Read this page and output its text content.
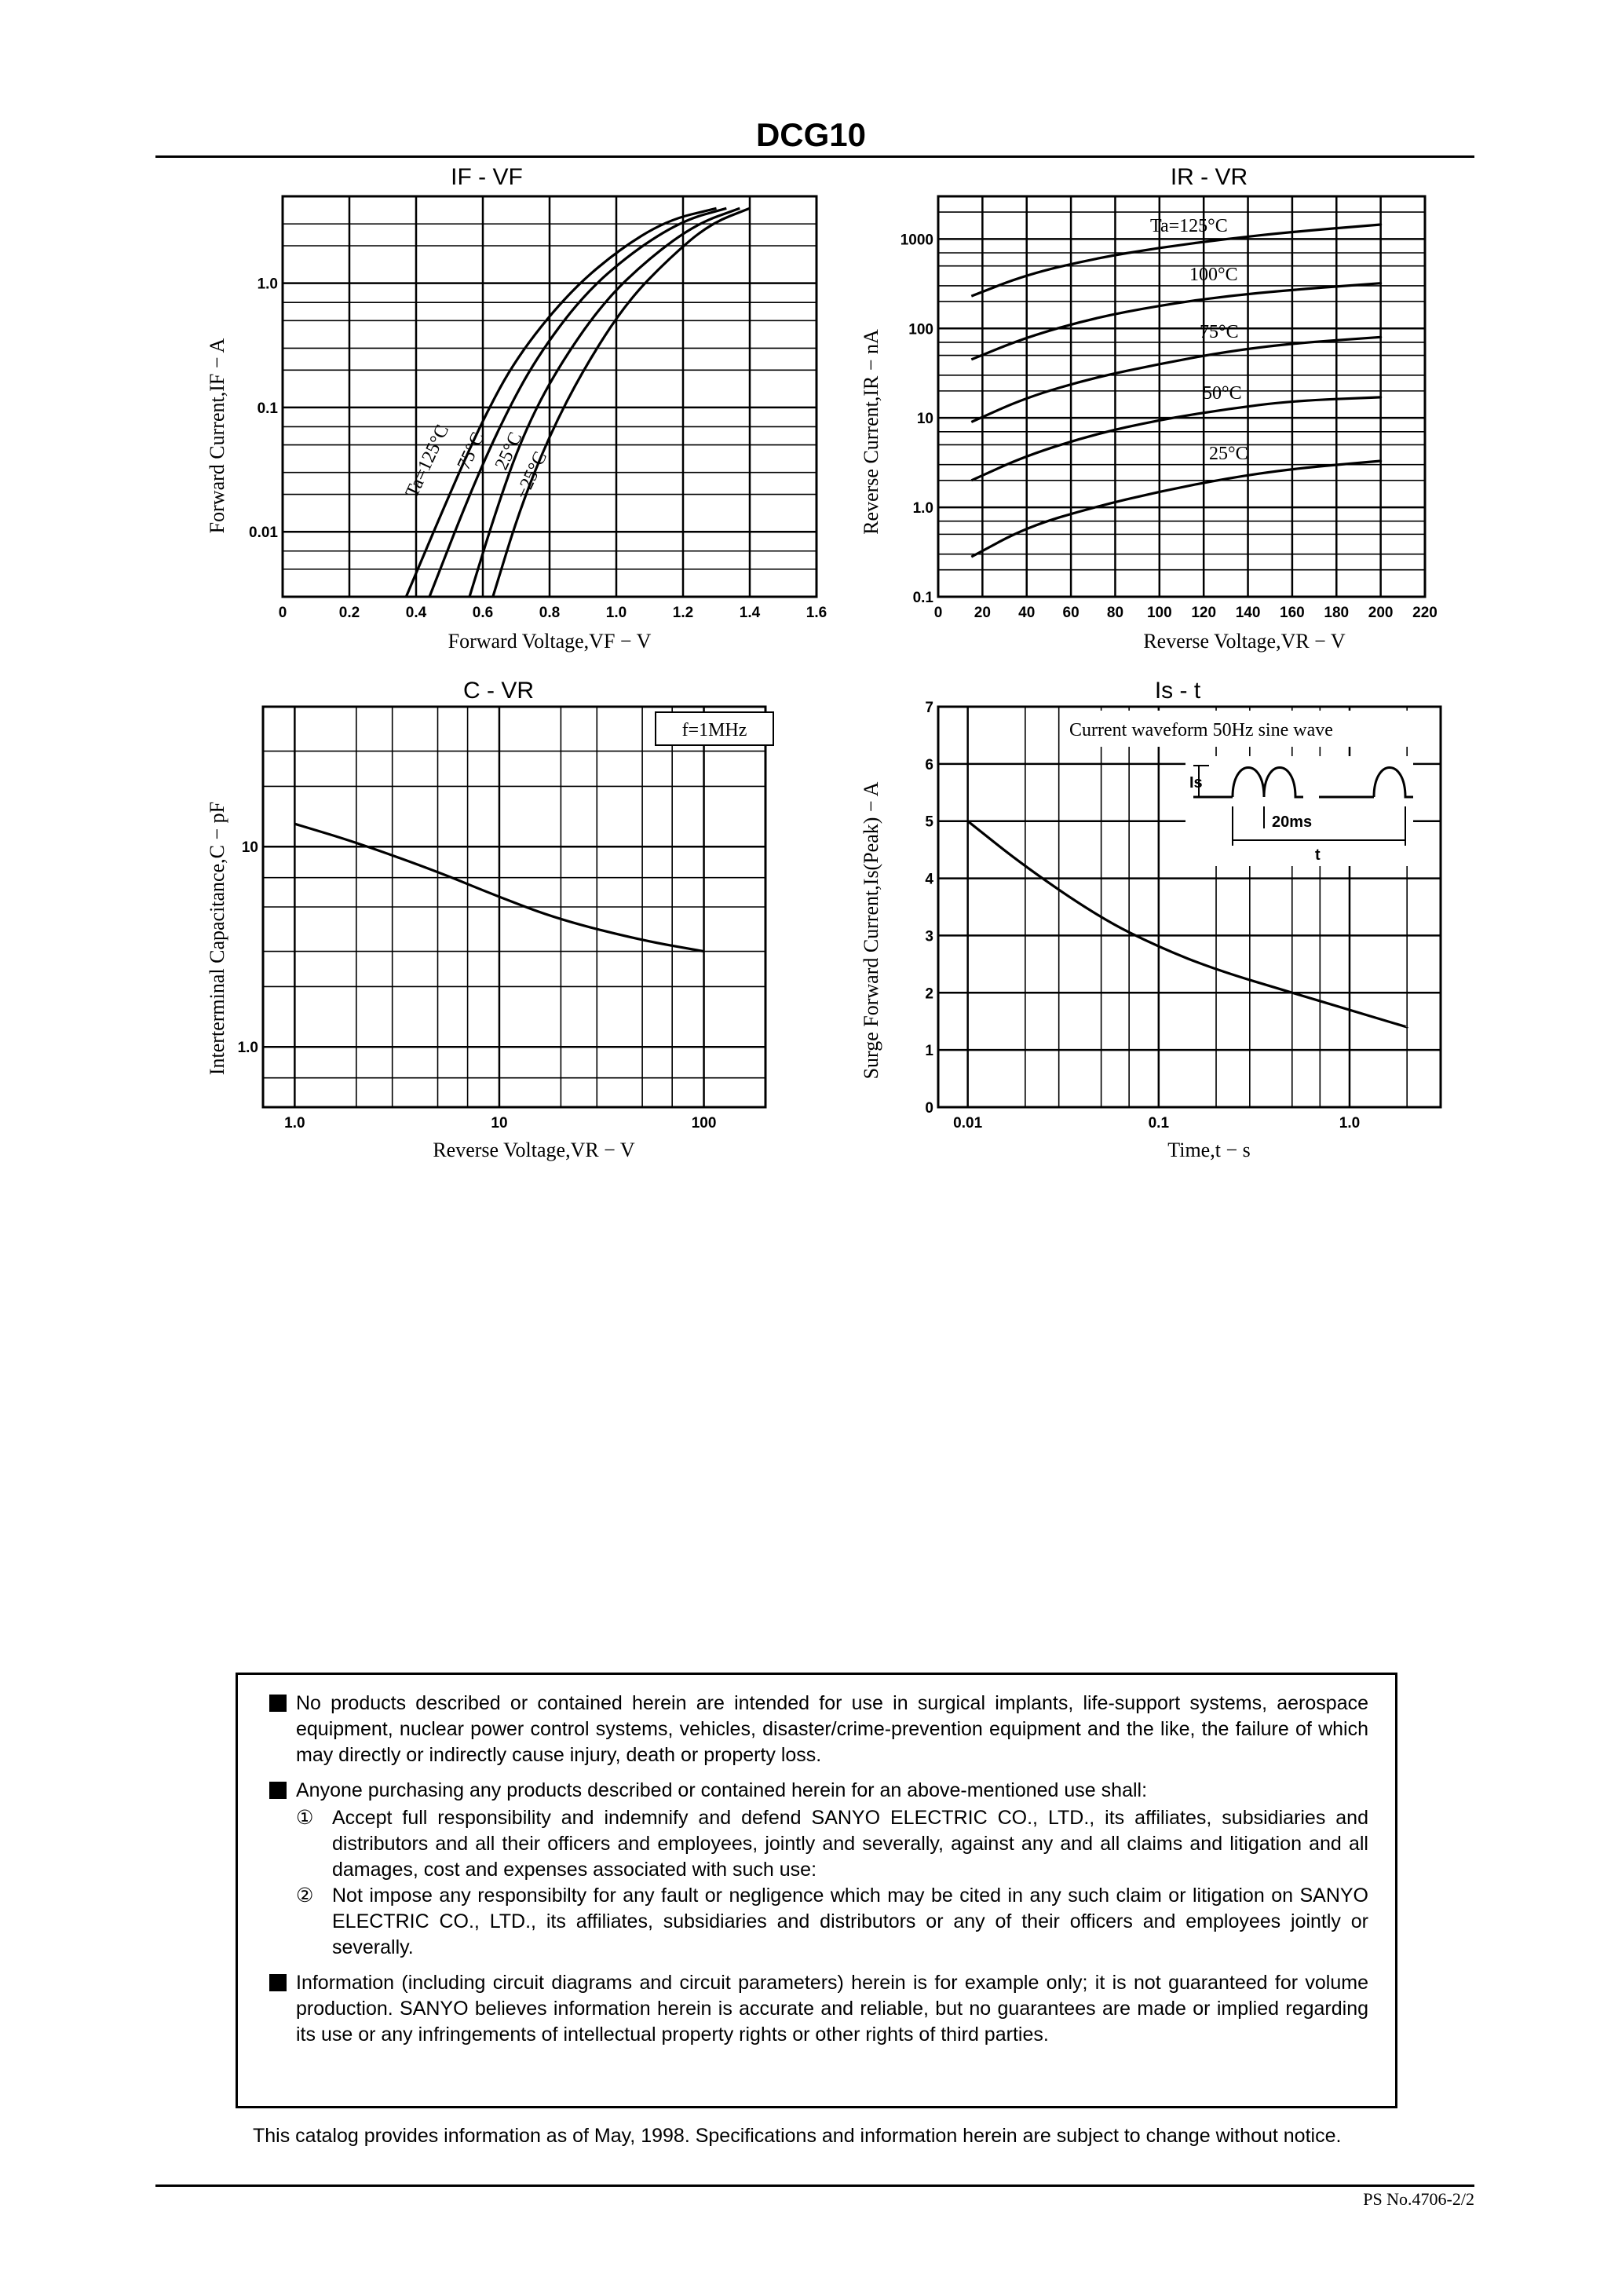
DCG10
IF - VF
0	0.2	0.4	0.6	0.8	1.0	1.2	1.4	1.6
0.01
0.1
1.0
Ta=125°C 75°C 25°C
−25°C
Forward Voltage,VF − V
Forward Current,IF − A
IR - VR
0 20 40 60 80 100 120 140 160 180 200 220
0.1
1.0
10
100
1000
Ta=125°C
100°C
75°C
50°C
25°C
Reverse Voltage,VR − V
Reverse Current,IR − nA
C - VR
1.0	10	100
1.0
10
f=1MHz
Reverse Voltage,VR − V
Interterminal Capacitance,C − pF
Is - t
0.01	0.1	1.0
0
1
2
3
4
5
6
7
Current waveform 50Hz sine wave
Is
20ms
t
Time,t − s
Surge Forward Current,Is(Peak) − A
No products described or contained herein are intended for use in surgical implants, life-support systems, aerospace equipment, nuclear power control systems, vehicles, disaster/crime-prevention equipment and the like, the failure of which may directly or indirectly cause injury, death or property loss.
Anyone purchasing any products described or contained herein for an above-mentioned use shall:
① Accept full responsibility and indemnify and defend SANYO ELECTRIC CO., LTD., its affiliates, subsidiaries and distributors and all their officers and employees, jointly and severally, against any and all claims and litigation and all damages, cost and expenses associated with such use:
② Not impose any responsibilty for any fault or negligence which may be cited in any such claim or litigation on SANYO ELECTRIC CO., LTD., its affiliates, subsidiaries and distributors or any of their officers and employees jointly or severally.
Information (including circuit diagrams and circuit parameters) herein is for example only; it is not guaranteed for volume production. SANYO believes information herein is accurate and reliable, but no guarantees are made or implied regarding its use or any infringements of intellectual property rights or other rights of third parties.
This catalog provides information as of May, 1998. Specifications and information herein are subject to change without notice.
PS No.4706-2/2
